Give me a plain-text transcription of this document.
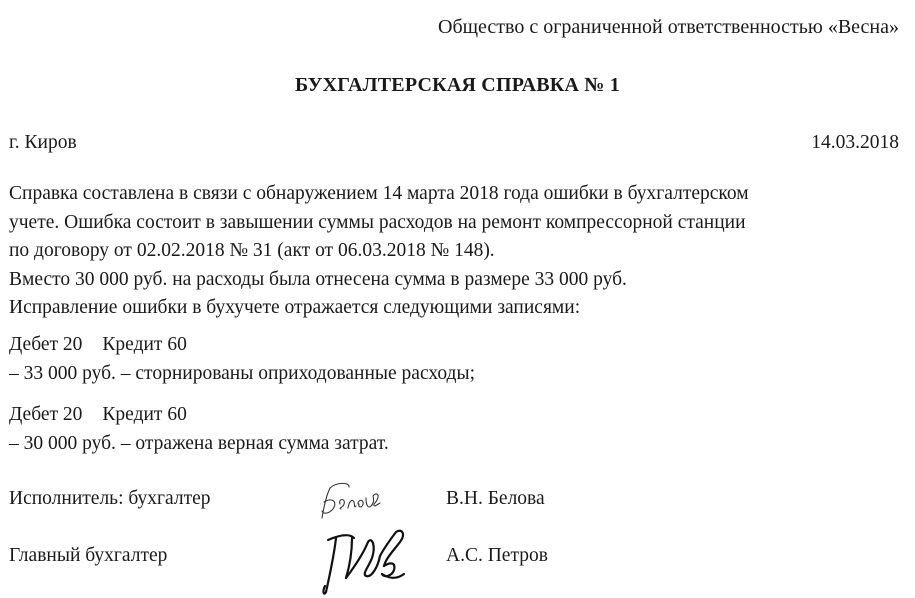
Общество с ограниченной ответственностью «Весна»
БУХГАЛТЕРСКАЯ СПРАВКА № 1
г. Киров	14.03.2018
Справка составлена в связи с обнаружением 14 марта 2018 года ошибки в бухгалтерском
учете. Ошибка состоит в завышении суммы расходов на ремонт компрессорной станции
по договору от 02.02.2018 № 31 (акт от 06.03.2018 № 148).
Вместо 30 000 руб. на расходы была отнесена сумма в размере 33 000 руб.
Исправление ошибки в бухучете отражается следующими записями:
Дебет 20 Кредит 60
– 33 000 руб. – сторнированы оприходованные расходы;
Дебет 20 Кредит 60
– 30 000 руб. – отражена верная сумма затрат.
Исполнитель: бухгалтер	В.Н. Белова
Главный бухгалтер	А.С. Петров
